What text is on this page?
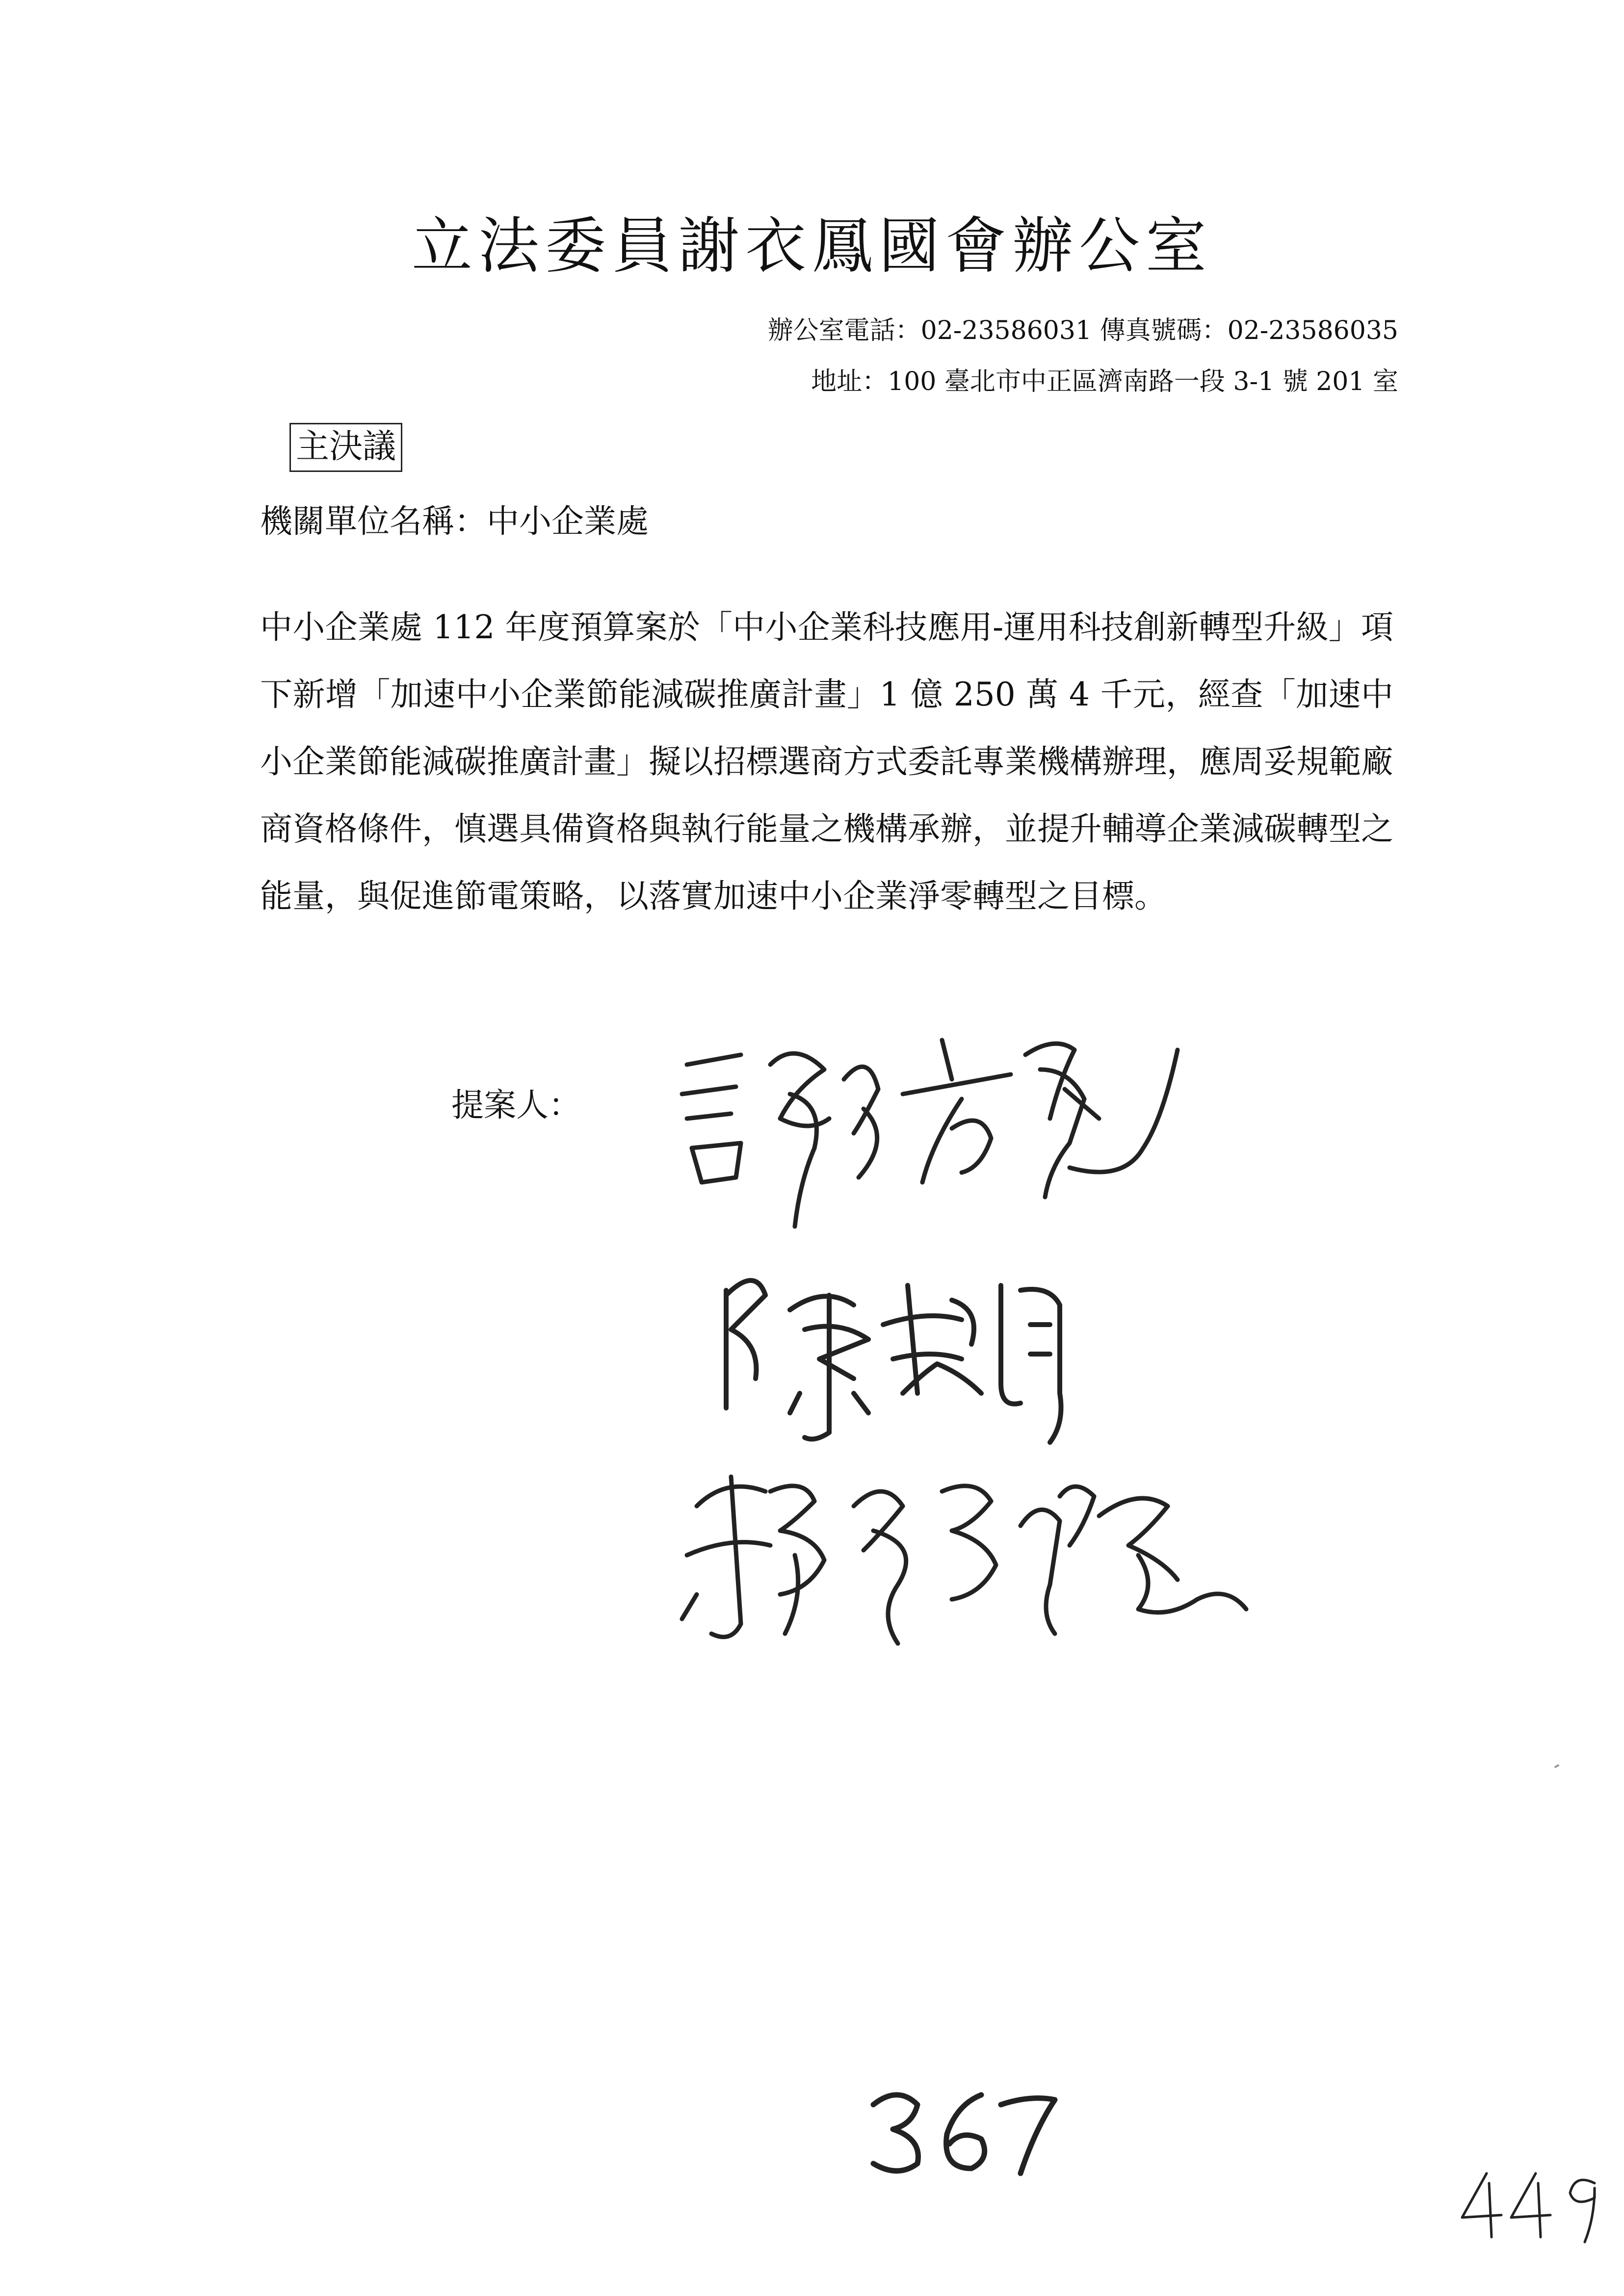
立法委員謝衣鳳國會辦公室
辦公室電話：02-23586031 傳真號碼：02-23586035
地址：100 臺北市中正區濟南路一段 3-1 號 201 室
主決議
機關單位名稱：中小企業處

中小企業處 112 年度預算案於「中小企業科技應用-運用科技創新轉型升級」項下新增「加速中小企業節能減碳推廣計畫」1 億 250 萬 4 千元，經查「加速中小企業節能減碳推廣計畫」擬以招標選商方式委託專業機構辦理，應周妥規範廠商資格條件，慎選具備資格與執行能量之機構承辦，並提升輔導企業減碳轉型之能量，與促進節電策略，以落實加速中小企業淨零轉型之目標。

提案人：
